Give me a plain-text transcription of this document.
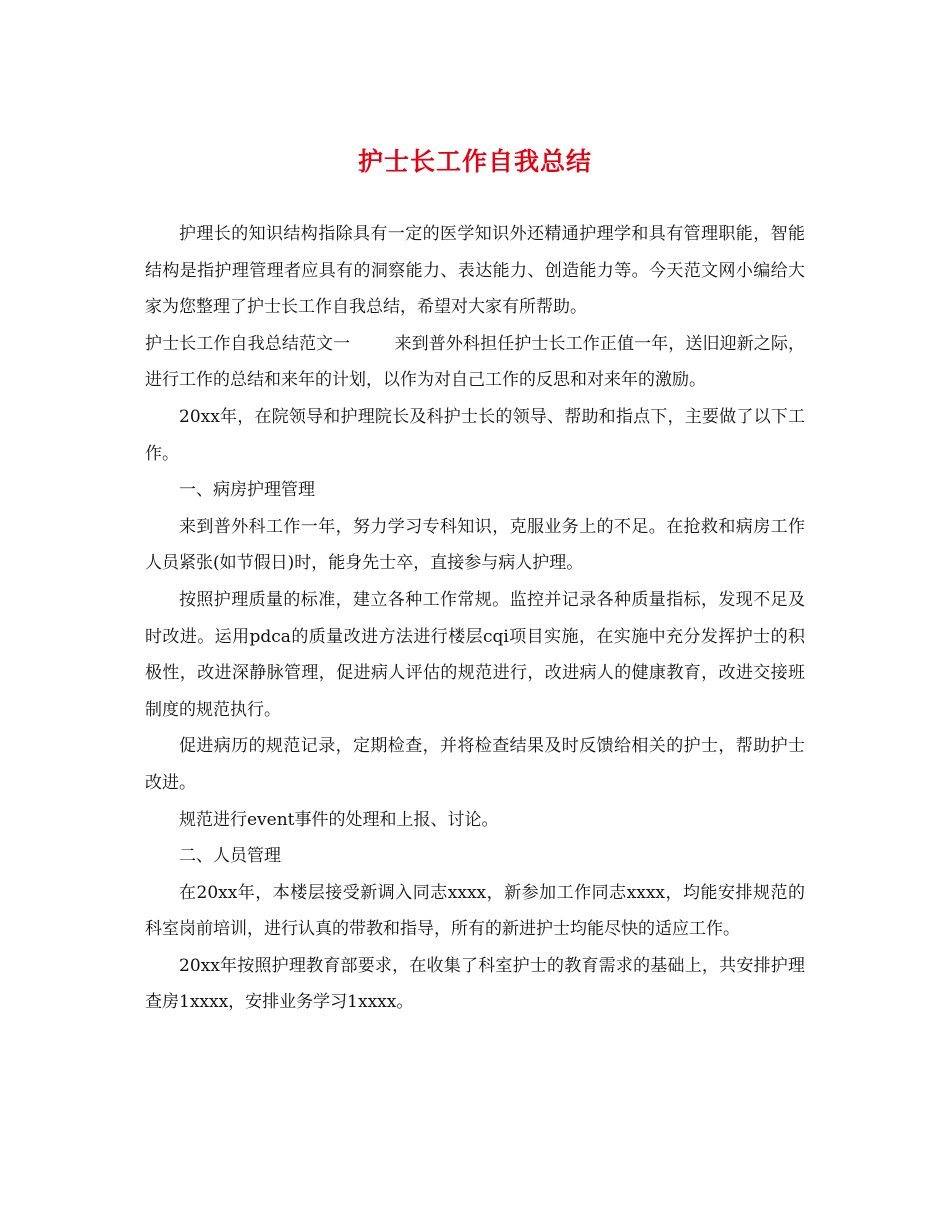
护士长工作自我总结

护理长的知识结构指除具有一定的医学知识外还精通护理学和具有管理职能，智能结构是指护理管理者应具有的洞察能力、表达能力、创造能力等。今天范文网小编给大家为您整理了护士长工作自我总结，希望对大家有所帮助。

护士长工作自我总结范文一	来到普外科担任护士长工作正值一年，送旧迎新之际，进行工作的总结和来年的计划，以作为对自己工作的反思和对来年的激励。

20xx年，在院领导和护理院长及科护士长的领导、帮助和指点下，主要做了以下工作。

一、病房护理管理

来到普外科工作一年，努力学习专科知识，克服业务上的不足。在抢救和病房工作人员紧张(如节假日)时，能身先士卒，直接参与病人护理。

按照护理质量的标准，建立各种工作常规。监控并记录各种质量指标，发现不足及时改进。运用pdca的质量改进方法进行楼层cqi项目实施，在实施中充分发挥护士的积极性，改进深静脉管理，促进病人评估的规范进行，改进病人的健康教育，改进交接班制度的规范执行。

促进病历的规范记录，定期检查，并将检查结果及时反馈给相关的护士，帮助护士改进。

规范进行event事件的处理和上报、讨论。

二、人员管理

在20xx年，本楼层接受新调入同志xxxx，新参加工作同志xxxx，均能安排规范的科室岗前培训，进行认真的带教和指导，所有的新进护士均能尽快的适应工作。

20xx年按照护理教育部要求，在收集了科室护士的教育需求的基础上，共安排护理查房1xxxx，安排业务学习1xxxx。
